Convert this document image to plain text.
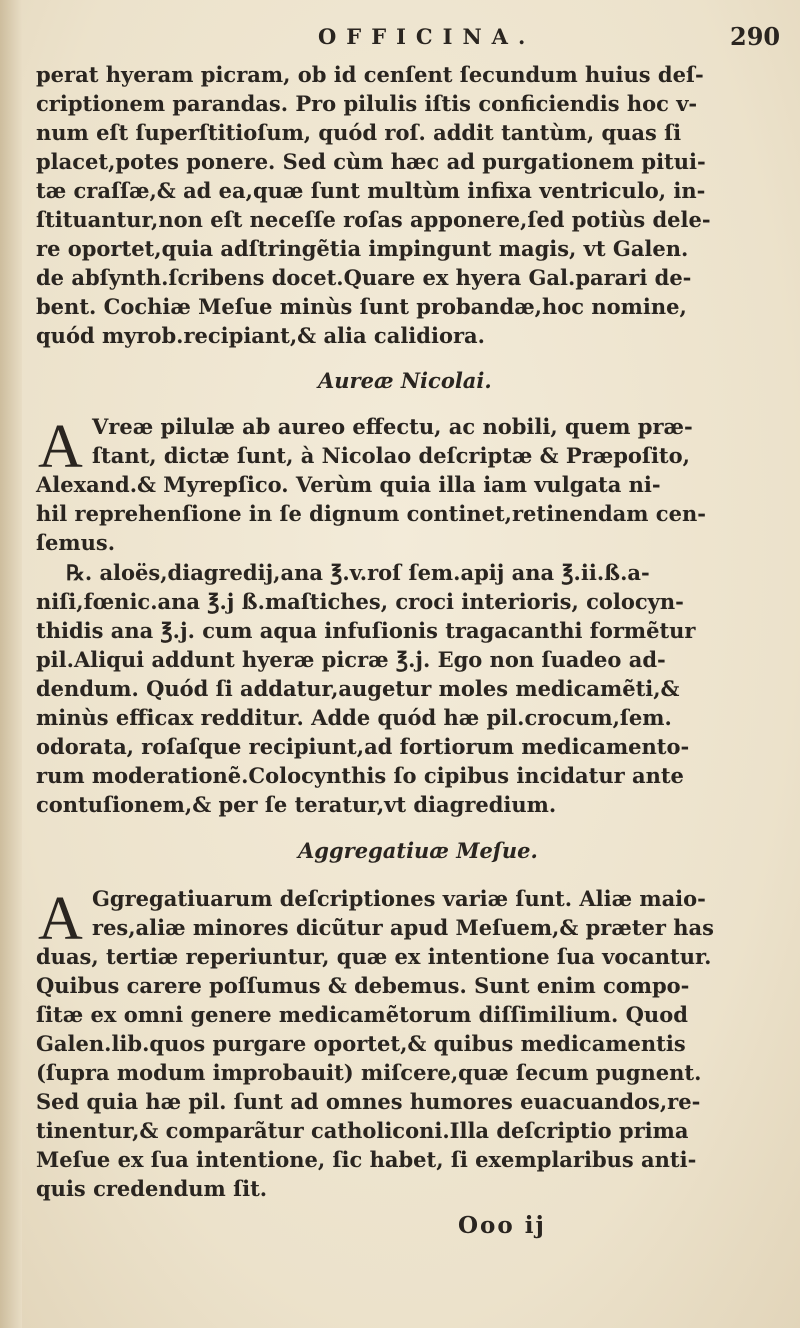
OFFICINA.	290
perat hyeram picram, ob id cenſent ſecundum huius deſ-
criptionem parandas. Pro pilulis iſtis conficiendis hoc v-
num eſt ſuperſtitioſum, quód roſ. addit tantùm, quas ſi
placet,potes ponere. Sed cùm hæc ad purgationem pitui-
tæ craſſæ,& ad ea,quæ ſunt multùm infixa ventriculo, in-
ſtituantur,non eſt neceſſe roſas apponere,ſed potiùs dele-
re oportet,quia adſtringẽtia impingunt magis, vt Galen.
de abſynth.ſcribens docet.Quare ex hyera Gal.parari de-
bent. Cochiæ Meſue minùs ſunt probandæ,hoc nomine,
quód myrob.recipiant,& alia calidiora.
Aureæ Nicolai.
A Vreæ pilulæ ab aureo effectu, ac nobili, quem præ-
ſtant, dictæ ſunt, à Nicolao deſcriptæ & Præpoſito,
Alexand.& Myrepſico. Verùm quia illa iam vulgata ni-
hil reprehenſione in ſe dignum continet,retinendam cen-
ſemus.
℞. aloës,diagredij,ana ℥.v.roſ ſem.apij ana ℥.ii.ß.a-
niſi,fœnic.ana ℥.j ß.maſtiches, croci interioris, colocyn-
thidis ana ℥.j. cum aqua infuſionis tragacanthi formẽtur
pil.Aliqui addunt hyeræ picræ ℥.j. Ego non ſuadeo ad-
dendum. Quód ſi addatur,augetur moles medicamẽti,&
minùs efficax redditur. Adde quód hæ pil.crocum,ſem.
odorata, roſaſque recipiunt,ad fortiorum medicamento-
rum moderationẽ.Colocynthis ſo cipibus incidatur ante
contuſionem,& per ſe teratur,vt diagredium.
Aggregatiuæ Meſue.
A Ggregatiuarum deſcriptiones variæ ſunt. Aliæ maio-
res,aliæ minores dicũtur apud Meſuem,& præter has
duas, tertiæ reperiuntur, quæ ex intentione ſua vocantur.
Quibus carere poſſumus & debemus. Sunt enim compo-
ſitæ ex omni genere medicamẽtorum diſſimilium. Quod
Galen.lib.quos purgare oportet,& quibus medicamentis
(ſupra modum improbauit) miſcere,quæ ſecum pugnent.
Sed quia hæ pil. ſunt ad omnes humores euacuandos,re-
tinentur,& comparãtur catholiconi.Illa deſcriptio prima
Meſue ex ſua intentione, ſic habet, ſi exemplaribus anti-
quis credendum ſit.
Ooo ij
